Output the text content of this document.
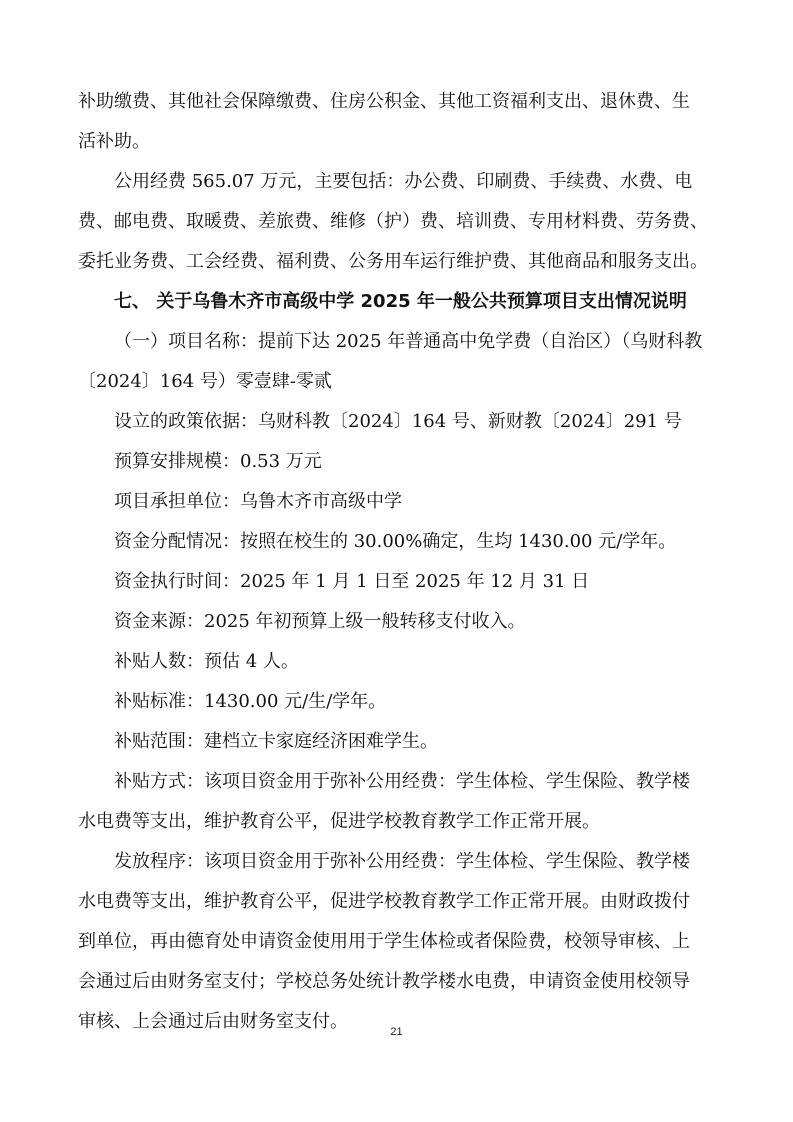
补助缴费、其他社会保障缴费、住房公积金、其他工资福利支出、退休费、生
活补助。
公用经费 565.07 万元，主要包括：办公费、印刷费、手续费、水费、电
费、邮电费、取暖费、差旅费、维修（护）费、培训费、专用材料费、劳务费、
委托业务费、工会经费、福利费、公务用车运行维护费、其他商品和服务支出。
七、 关于乌鲁木齐市高级中学 2025 年一般公共预算项目支出情况说明
（一）项目名称：提前下达 2025 年普通高中免学费（自治区）（乌财科教
〔2024〕164 号）零壹肆-零贰
设立的政策依据：乌财科教〔2024〕164 号、新财教〔2024〕291 号
预算安排规模：0.53 万元
项目承担单位：乌鲁木齐市高级中学
资金分配情况：按照在校生的 30.00%确定，生均 1430.00 元/学年。
资金执行时间：2025 年 1 月 1 日至 2025 年 12 月 31 日
资金来源：2025 年初预算上级一般转移支付收入。
补贴人数：预估 4 人。
补贴标准：1430.00 元/生/学年。
补贴范围：建档立卡家庭经济困难学生。
补贴方式：该项目资金用于弥补公用经费：学生体检、学生保险、教学楼
水电费等支出，维护教育公平，促进学校教育教学工作正常开展。
发放程序：该项目资金用于弥补公用经费：学生体检、学生保险、教学楼
水电费等支出，维护教育公平，促进学校教育教学工作正常开展。由财政拨付
到单位，再由德育处申请资金使用用于学生体检或者保险费，校领导审核、上
会通过后由财务室支付；学校总务处统计教学楼水电费，申请资金使用校领导
审核、上会通过后由财务室支付。	21
